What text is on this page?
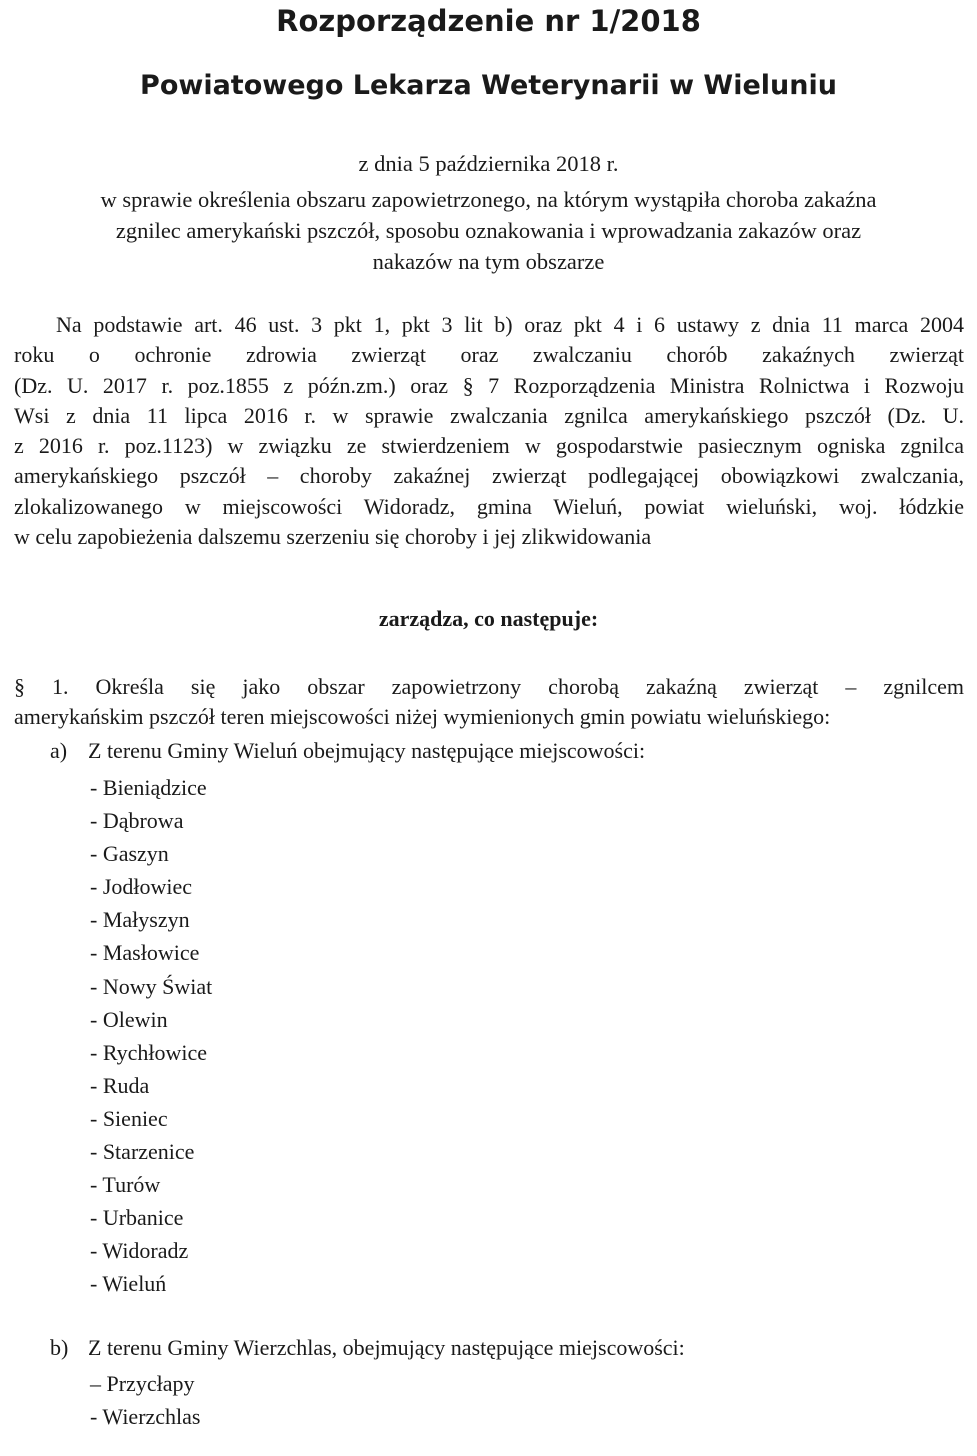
Rozporządzenie nr 1/2018
Powiatowego Lekarza Weterynarii w Wieluniu
z dnia 5 października 2018 r.
w sprawie określenia obszaru zapowietrzonego, na którym wystąpiła choroba zakaźna
zgnilec amerykański pszczół, sposobu oznakowania i wprowadzania zakazów oraz
nakazów na tym obszarze
Na podstawie art. 46 ust. 3 pkt 1, pkt 3 lit b) oraz pkt 4 i 6 ustawy z dnia 11 marca 2004
roku o ochronie zdrowia zwierząt oraz zwalczaniu chorób zakaźnych zwierząt
(Dz. U. 2017 r. poz.1855 z późn.zm.) oraz § 7 Rozporządzenia Ministra Rolnictwa i Rozwoju
Wsi z dnia 11 lipca 2016 r. w sprawie zwalczania zgnilca amerykańskiego pszczół (Dz. U.
z 2016 r. poz.1123) w związku ze stwierdzeniem w gospodarstwie pasiecznym ogniska zgnilca
amerykańskiego pszczół – choroby zakaźnej zwierząt podlegającej obowiązkowi zwalczania,
zlokalizowanego w miejscowości Widoradz, gmina Wieluń, powiat wieluński, woj. łódzkie
w celu zapobieżenia dalszemu szerzeniu się choroby i jej zlikwidowania
zarządza, co następuje:
§ 1. Określa się jako obszar zapowietrzony chorobą zakaźną zwierząt – zgnilcem
amerykańskim pszczół teren miejscowości niżej wymienionych gmin powiatu wieluńskiego:
a) Z terenu Gminy Wieluń obejmujący następujące miejscowości:
- Bieniądzice
- Dąbrowa
- Gaszyn
- Jodłowiec
- Małyszyn
- Masłowice
- Nowy Świat
- Olewin
- Rychłowice
- Ruda
- Sieniec
- Starzenice
- Turów
- Urbanice
- Widoradz
- Wieluń
b) Z terenu Gminy Wierzchlas, obejmujący następujące miejscowości:
– Przycłapy
- Wierzchlas
